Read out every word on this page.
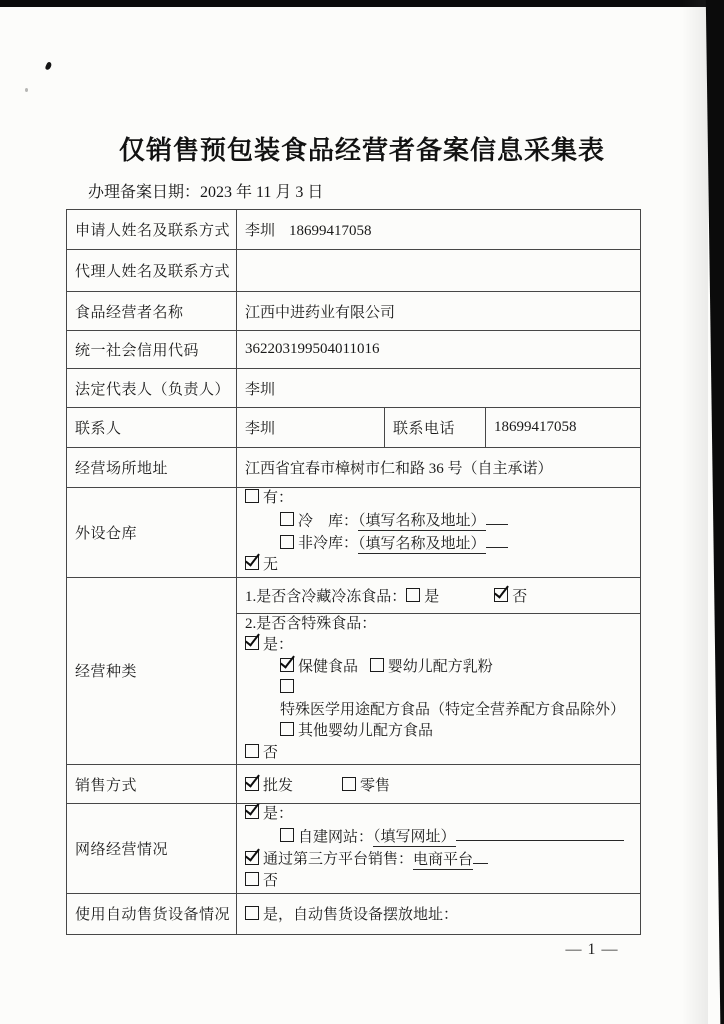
仅销售预包装食品经营者备案信息采集表
办理备案日期：2023 年 11 月 3 日
申请人姓名及联系方式	李圳 18699417058		
代理人姓名及联系方式			
食品经营者名称	江西中进药业有限公司		
统一社会信用代码	362203199504011016		
法定代表人（负责人）	李圳		
联系人	李圳	联系电话	18699417058
经营场所地址	江西省宜春市樟树市仁和路 36 号（自主承诺）		
外设仓库	有：
冷　库：（填写名称及地址）
非冷库：（填写名称及地址）
无		

经营种类	1.是否含冷藏冷冻食品： 是 否		

2.是否含特殊食品：
是：
保健食品 婴幼儿配方乳粉
特殊医学用途配方食品（特定全营养配方食品除外）
其他婴幼儿配方食品
否

销售方式	批发 零售		
网络经营情况	是：
自建网站：（填写网址）
通过第三方平台销售：电商平台
否		

使用自动售货设备情况	是，自动售货设备摆放地址：		
— 1 —
